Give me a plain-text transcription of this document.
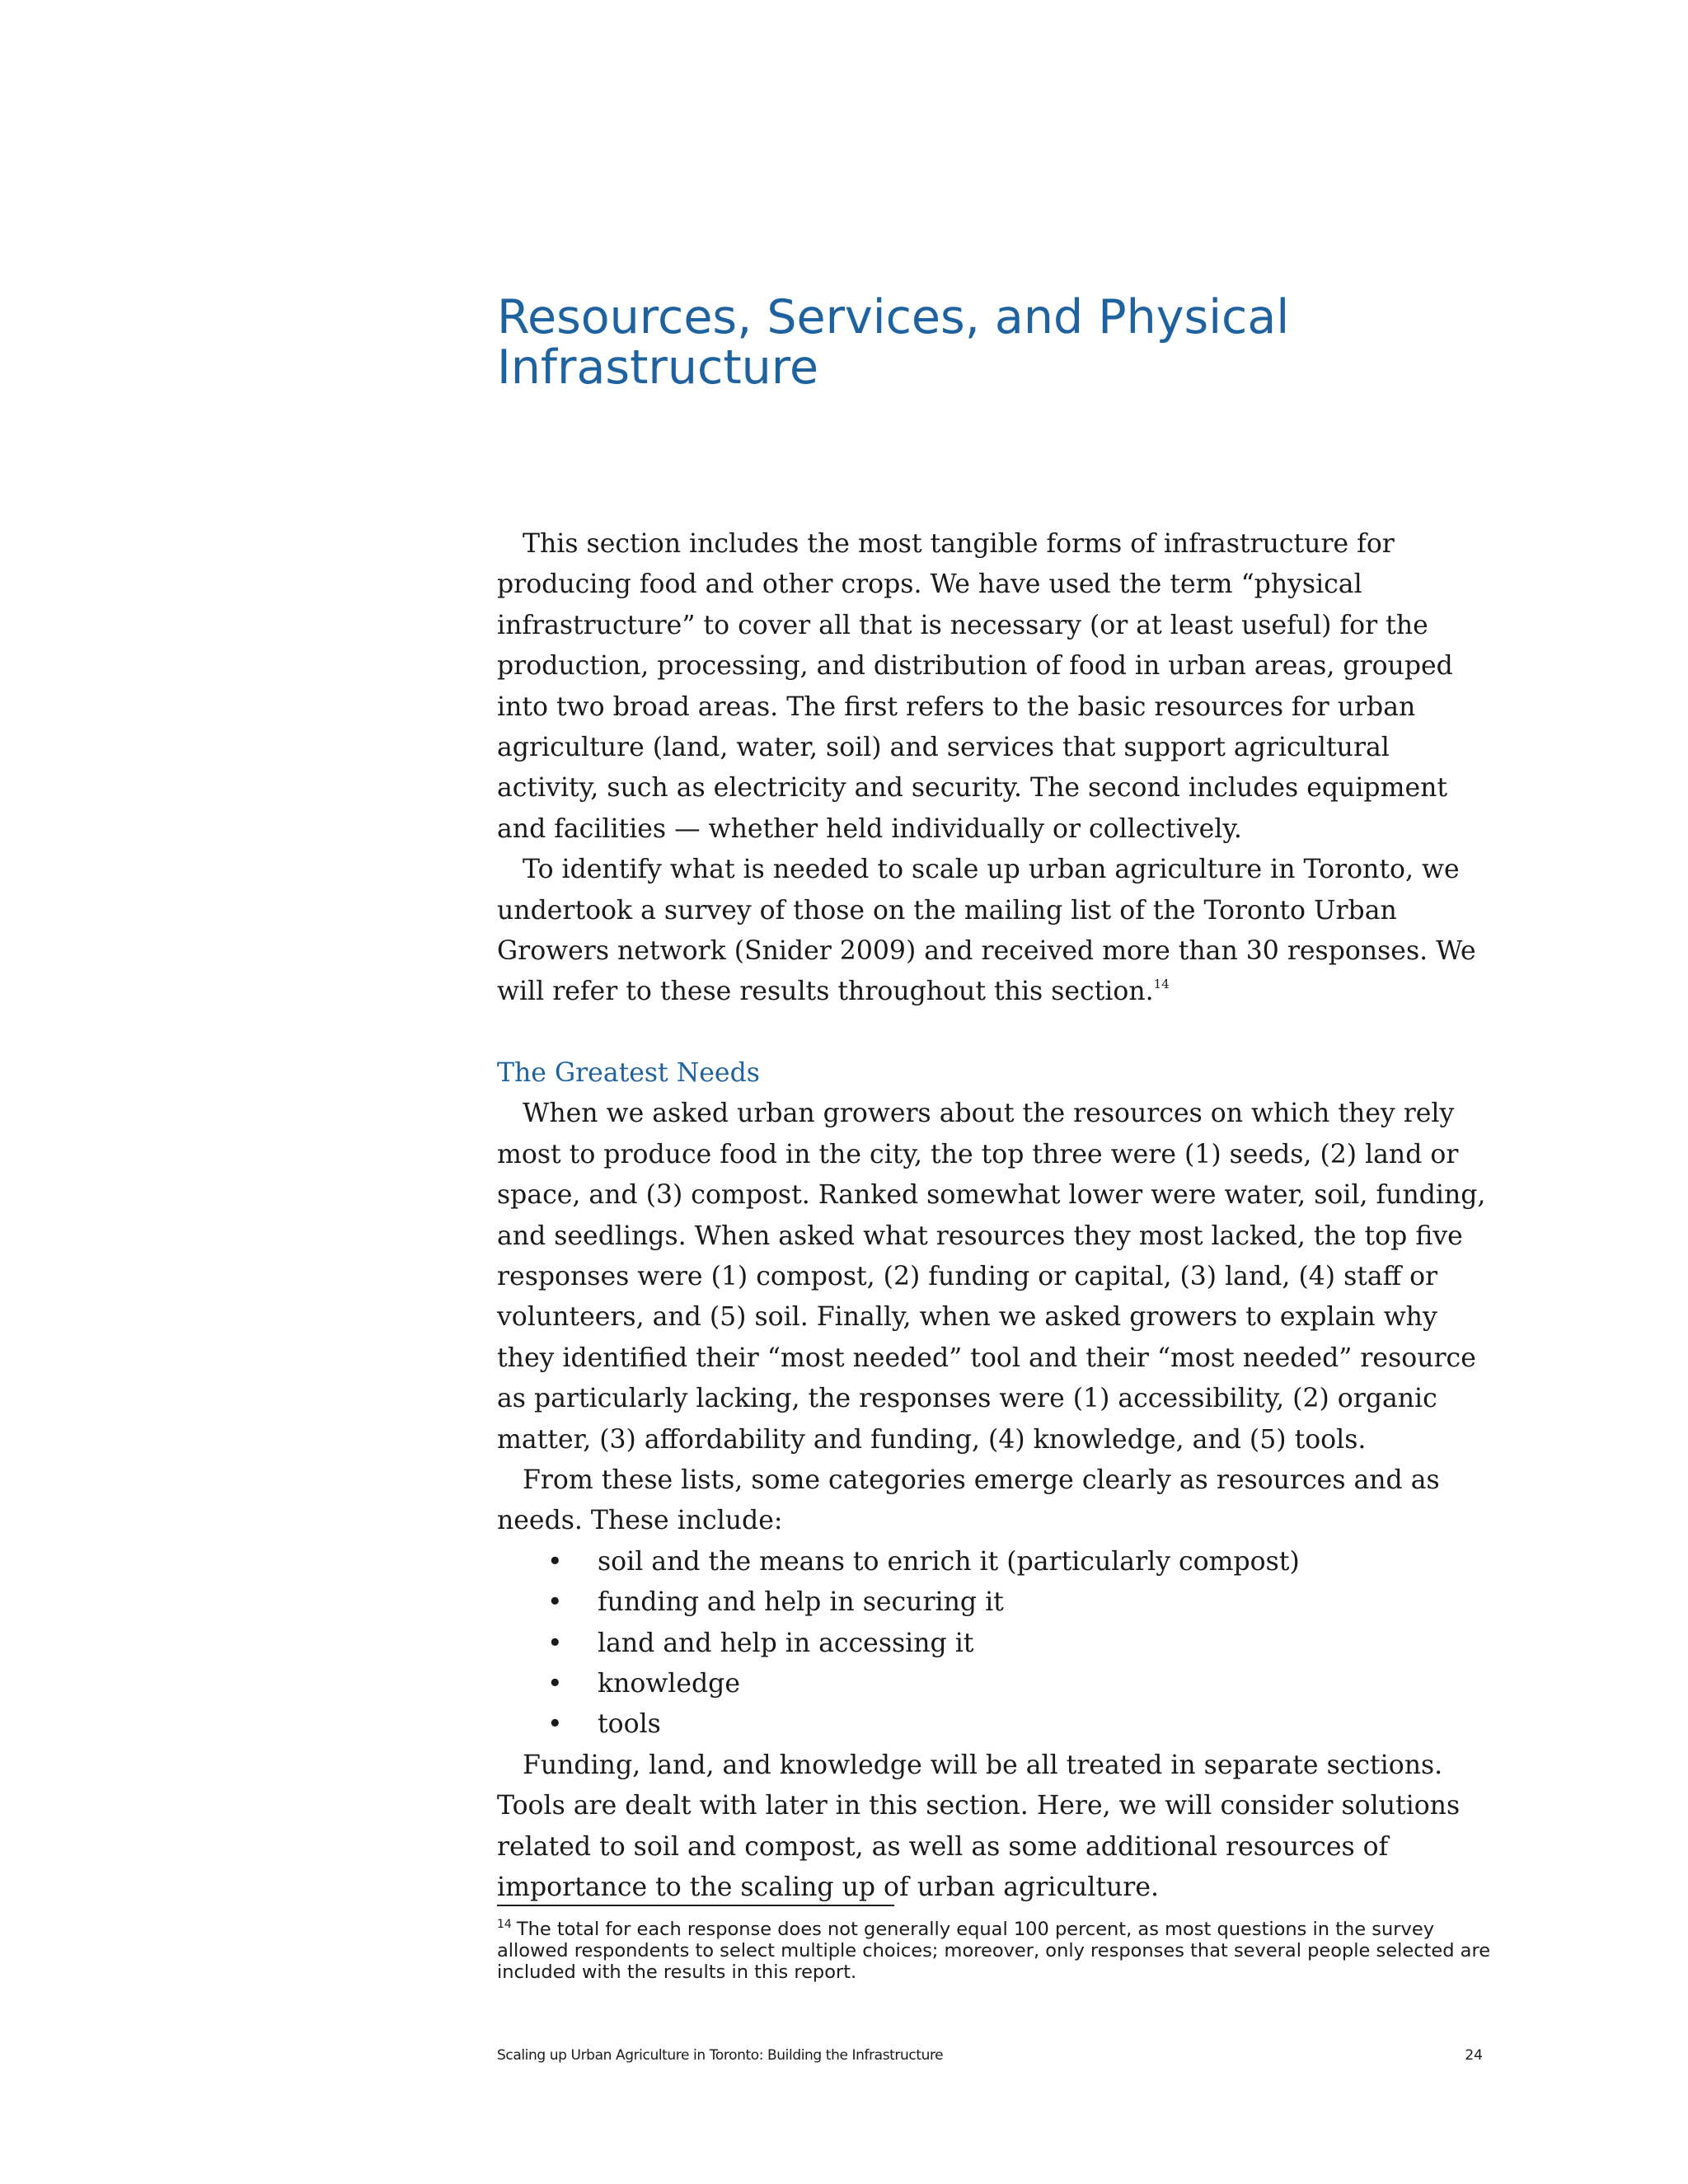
Resources, Services, and Physical Infrastructure

This section includes the most tangible forms of infrastructure for producing food and other crops. We have used the term “physical infrastructure” to cover all that is necessary (or at least useful) for the production, processing, and distribution of food in urban areas, grouped into two broad areas. The first refers to the basic resources for urban agriculture (land, water, soil) and services that support agricultural activity, such as electricity and security. The second includes equipment and facilities — whether held individually or collectively.

To identify what is needed to scale up urban agriculture in Toronto, we undertook a survey of those on the mailing list of the Toronto Urban Growers network (Snider 2009) and received more than 30 responses. We will refer to these results throughout this section.$^{14}$

The Greatest Needs

When we asked urban growers about the resources on which they rely most to produce food in the city, the top three were (1) seeds, (2) land or space, and (3) compost. Ranked somewhat lower were water, soil, funding, and seedlings. When asked what resources they most lacked, the top five responses were (1) compost, (2) funding or capital, (3) land, (4) staff or volunteers, and (5) soil. Finally, when we asked growers to explain why they identified their “most needed” tool and their “most needed” resource as particularly lacking, the responses were (1) accessibility, (2) organic matter, (3) affordability and funding, (4) knowledge, and (5) tools.

From these lists, some categories emerge clearly as resources and as needs. These include:

• soil and the means to enrich it (particularly compost)
• funding and help in securing it
• land and help in accessing it
• knowledge
• tools

Funding, land, and knowledge will be all treated in separate sections. Tools are dealt with later in this section. Here, we will consider solutions related to soil and compost, as well as some additional resources of importance to the scaling up of urban agriculture.

$^{14}$ The total for each response does not generally equal 100 percent, as most questions in the survey allowed respondents to select multiple choices; moreover, only responses that several people selected are included with the results in this report.
Scaling up Urban Agriculture in Toronto: Building the Infrastructure	24
